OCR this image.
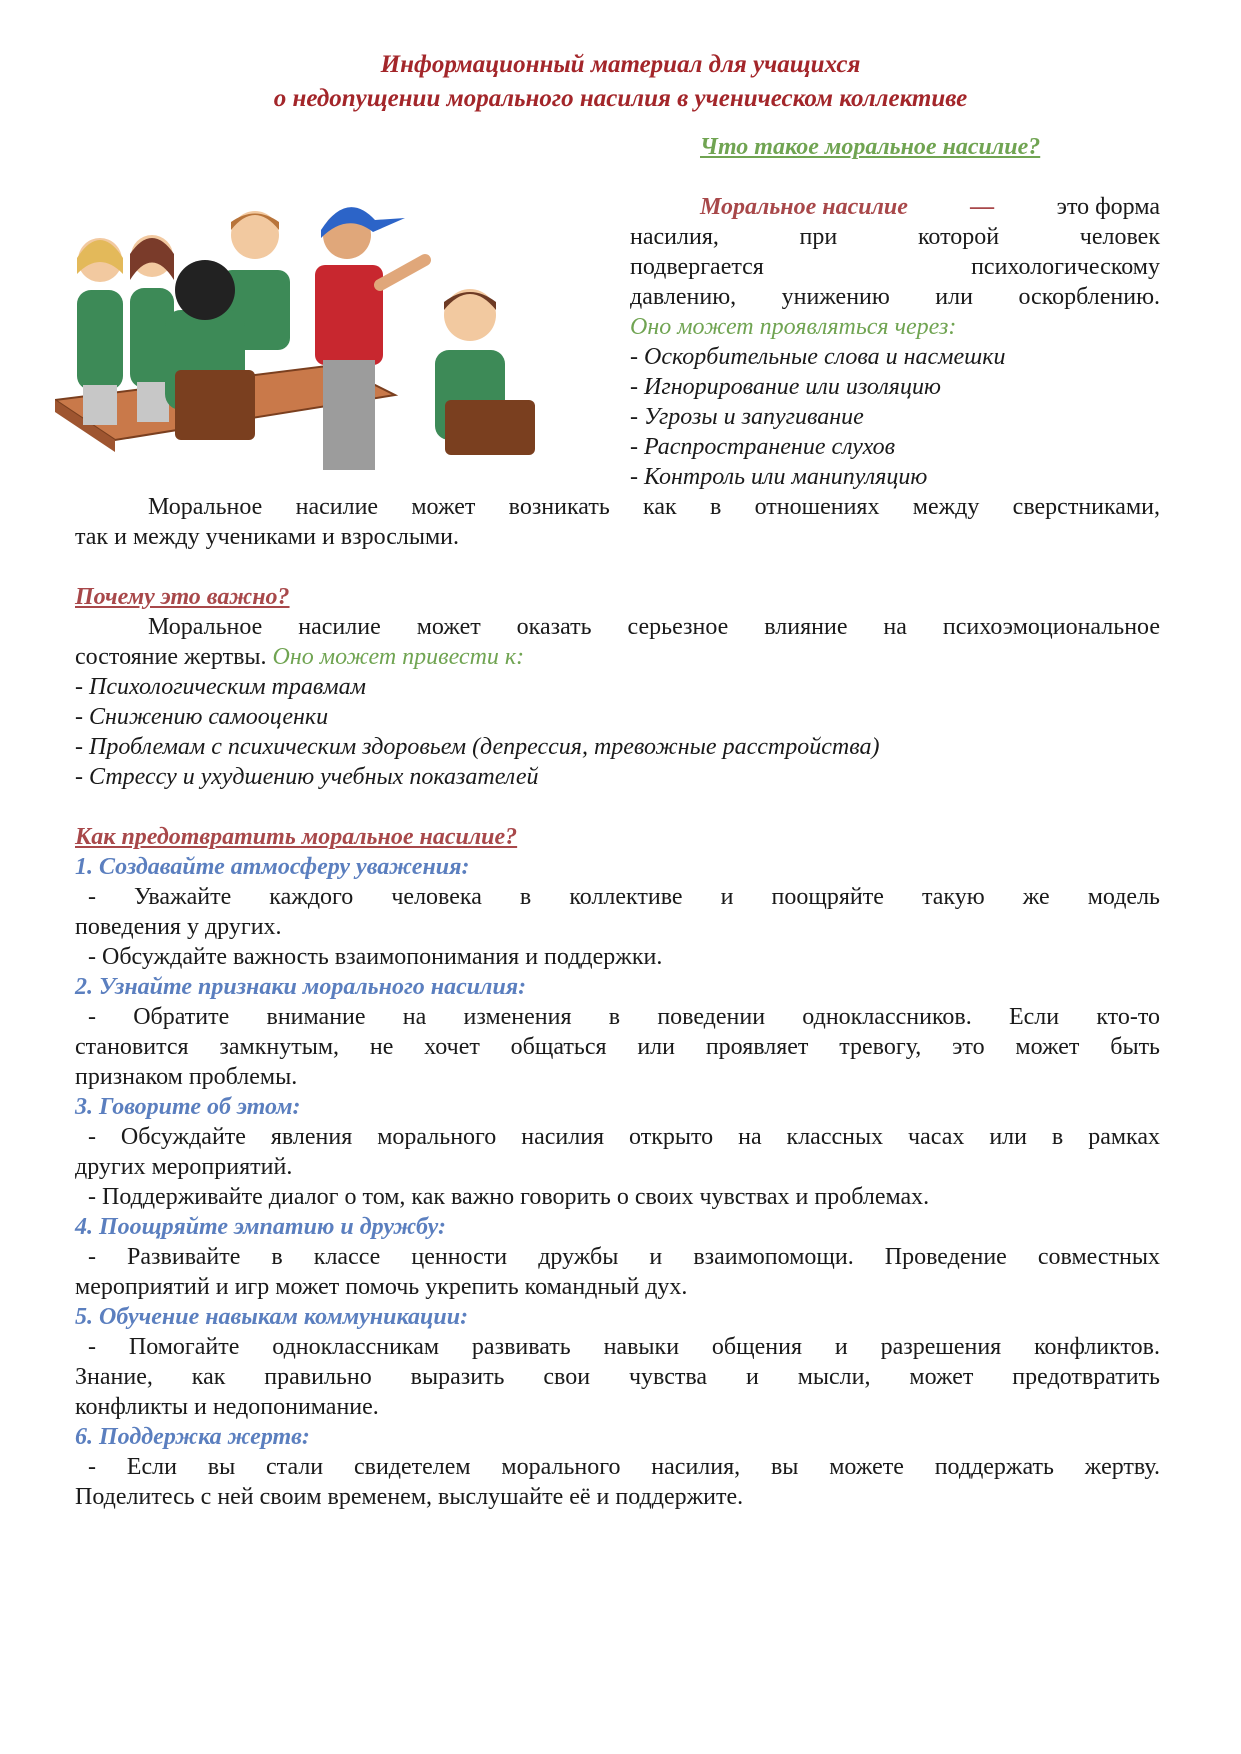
Информационный материал для учащихся
о недопущении морального насилия в ученическом коллективе
Что такое моральное насилие?
Моральное насилие	—	это форма
насилия, при которой человек
подвергается психологическому
давлению, унижению или оскорблению.
Оно может проявляться через:
- Оскорбительные слова и насмешки
- Игнорирование или изоляцию
- Угрозы и запугивание
- Распространение слухов
- Контроль или манипуляцию
Моральное насилие может возникать как в отношениях между сверстниками,
так и между учениками и взрослыми.
Почему это важно?
Моральное насилие может оказать серьезное влияние на психоэмоциональное
состояние жертвы. Оно может привести к:
- Психологическим травмам
- Снижению самооценки
- Проблемам с психическим здоровьем (депрессия, тревожные расстройства)
- Стрессу и ухудшению учебных показателей
Как предотвратить моральное насилие?
1. Создавайте атмосферу уважения:
- Уважайте каждого человека в коллективе и поощряйте такую же модель
поведения у других.
- Обсуждайте важность взаимопонимания и поддержки.
2. Узнайте признаки морального насилия:
- Обратите внимание на изменения в поведении одноклассников. Если кто-то
становится замкнутым, не хочет общаться или проявляет тревогу, это может быть
признаком проблемы.
3. Говорите об этом:
- Обсуждайте явления морального насилия открыто на классных часах или в рамках
других мероприятий.
- Поддерживайте диалог о том, как важно говорить о своих чувствах и проблемах.
4. Поощряйте эмпатию и дружбу:
- Развивайте в классе ценности дружбы и взаимопомощи. Проведение совместных
мероприятий и игр может помочь укрепить командный дух.
5. Обучение навыкам коммуникации:
- Помогайте одноклассникам развивать навыки общения и разрешения конфликтов.
Знание, как правильно выразить свои чувства и мысли, может предотвратить
конфликты и недопонимание.
6. Поддержка жертв:
- Если вы стали свидетелем морального насилия, вы можете поддержать жертву.
Поделитесь с ней своим временем, выслушайте её и поддержите.
